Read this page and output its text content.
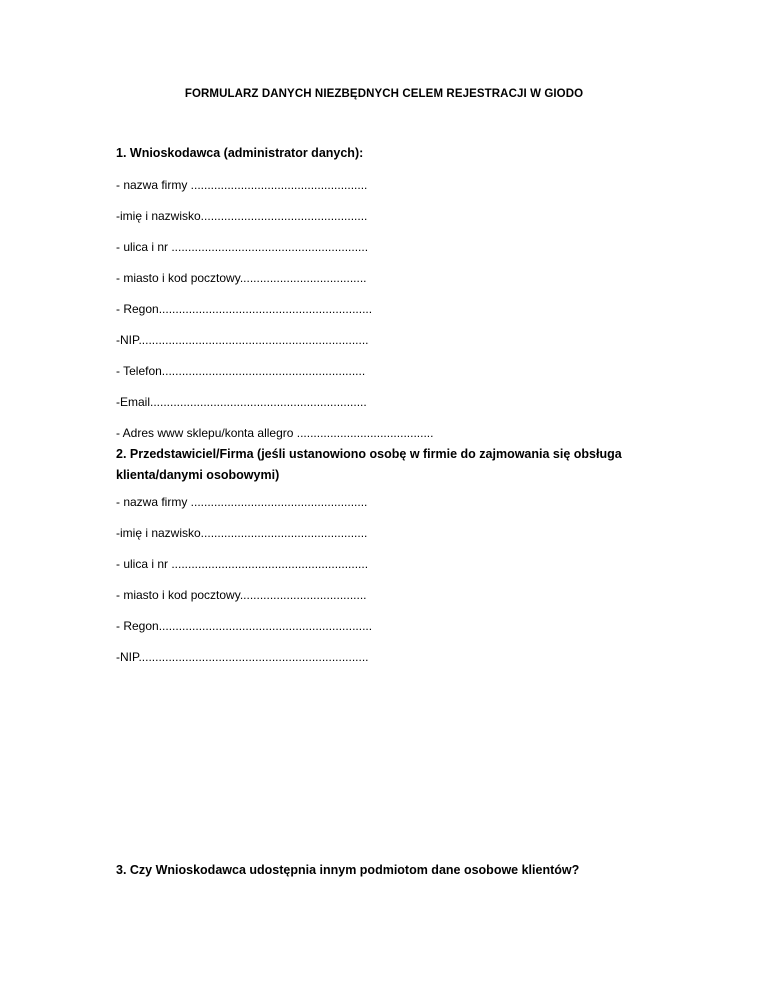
FORMULARZ DANYCH NIEZBĘDNYCH CELEM REJESTRACJI W GIODO
1. Wnioskodawca (administrator danych):
- nazwa firmy .....................................................
-imię i nazwisko..................................................
- ulica i nr ...........................................................
- miasto i kod pocztowy......................................
- Regon................................................................
-NIP.....................................................................
- Telefon.............................................................
-Email.................................................................
- Adres www sklepu/konta allegro .........................................
2. Przedstawiciel/Firma (jeśli ustanowiono osobę w firmie do zajmowania się obsługa klienta/danymi osobowymi)
- nazwa firmy .....................................................
-imię i nazwisko..................................................
- ulica i nr ...........................................................
- miasto i kod pocztowy......................................
- Regon................................................................
-NIP.....................................................................
3. Czy Wnioskodawca udostępnia innym podmiotom dane osobowe klientów?
